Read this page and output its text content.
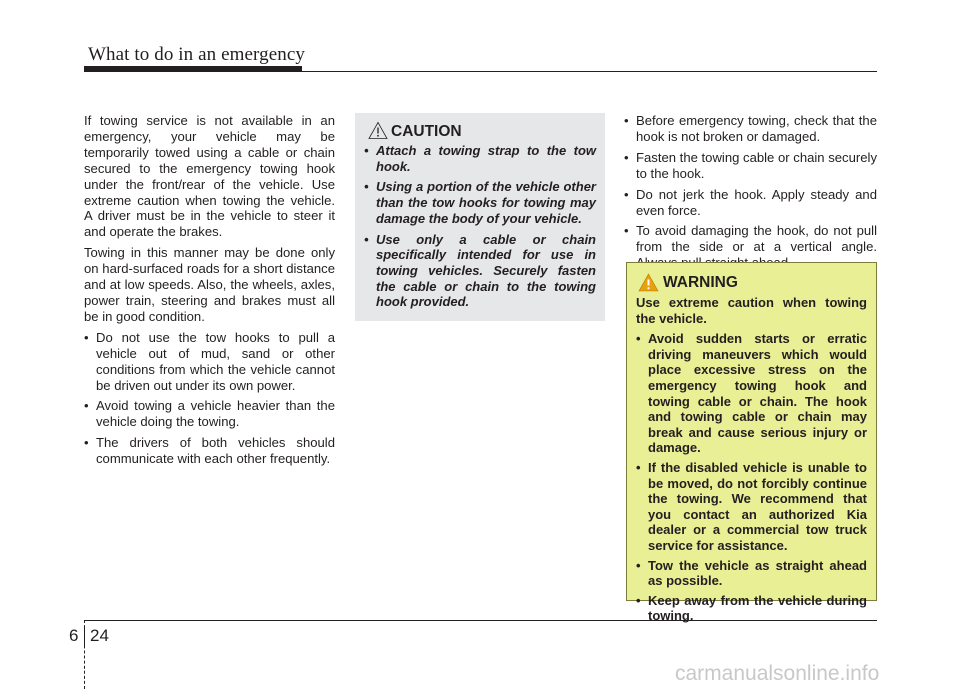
What to do in an emergency

If towing service is not available in an emergency, your vehicle may be temporarily towed using a cable or chain secured to the emergency towing hook under the front/rear of the vehicle. Use extreme caution when towing the vehicle. A driver must be in the vehicle to steer it and operate the brakes.

Towing in this manner may be done only on hard-surfaced roads for a short distance and at low speeds. Also, the wheels, axles, power train, steering and brakes must all be in good condition.

• Do not use the tow hooks to pull a vehicle out of mud, sand or other conditions from which the vehicle cannot be driven out under its own power.
• Avoid towing a vehicle heavier than the vehicle doing the towing.
• The drivers of both vehicles should communicate with each other frequently.
CAUTION
• Attach a towing strap to the tow hook.
• Using a portion of the vehicle other than the tow hooks for towing may damage the body of your vehicle.
• Use only a cable or chain specifically intended for use in towing vehicles. Securely fasten the cable or chain to the towing hook provided.
• Before emergency towing, check that the hook is not broken or damaged.
• Fasten the towing cable or chain securely to the hook.
• Do not jerk the hook. Apply steady and even force.
• To avoid damaging the hook, do not pull from the side or at a vertical angle.
WARNING

Use extreme caution when towing the vehicle.

• Avoid sudden starts or erratic driving maneuvers which would place excessive stress on the emergency towing hook and towing cable or chain. The hook and towing cable or chain may break and cause serious injury or damage.
• If the disabled vehicle is unable to be moved, do not forcibly continue the towing. We recommend that you contact an authorized Kia dealer or a commercial tow truck service for assistance.
• Tow the vehicle as straight ahead as possible.
• Keep away from the vehicle during towing.
6 24
carmanualsonline.info
